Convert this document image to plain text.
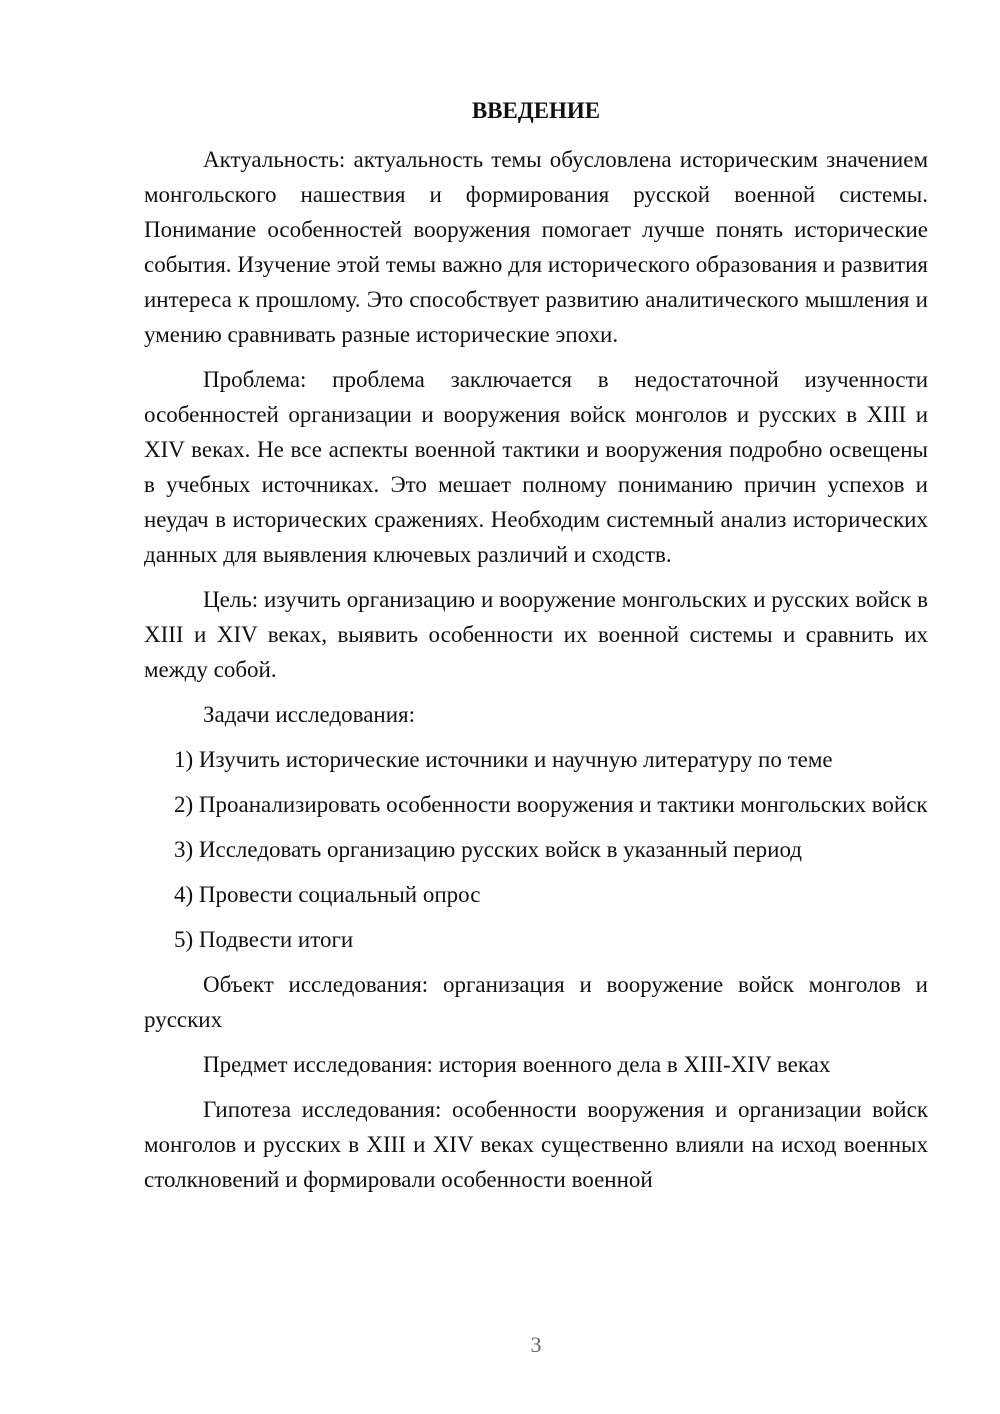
ВВЕДЕНИЕ

Актуальность: актуальность темы обусловлена историческим значением монгольского нашествия и формирования русской военной системы. Понимание особенностей вооружения помогает лучше понять исторические события. Изучение этой темы важно для исторического образования и развития интереса к прошлому. Это способствует развитию аналитического мышления и умению сравнивать разные исторические эпохи.

Проблема: проблема заключается в недостаточной изученности особенностей организации и вооружения войск монголов и русских в XIII и XIV веках. Не все аспекты военной тактики и вооружения подробно освещены в учебных источниках. Это мешает полному пониманию причин успехов и неудач в исторических сражениях. Необходим системный анализ исторических данных для выявления ключевых различий и сходств.

Цель: изучить организацию и вооружение монгольских и русских войск в XIII и XIV веках, выявить особенности их военной системы и сравнить их между собой.

Задачи исследования:

1) Изучить исторические источники и научную литературу по теме

2) Проанализировать особенности вооружения и тактики монгольских войск

3) Исследовать организацию русских войск в указанный период

4) Провести социальный опрос

5) Подвести итоги

Объект исследования: организация и вооружение войск монголов и русских

Предмет исследования: история военного дела в XIII-XIV веках

Гипотеза исследования: особенности вооружения и организации войск монголов и русских в XIII и XIV веках существенно влияли на исход военных столкновений и формировали особенности военной

3
